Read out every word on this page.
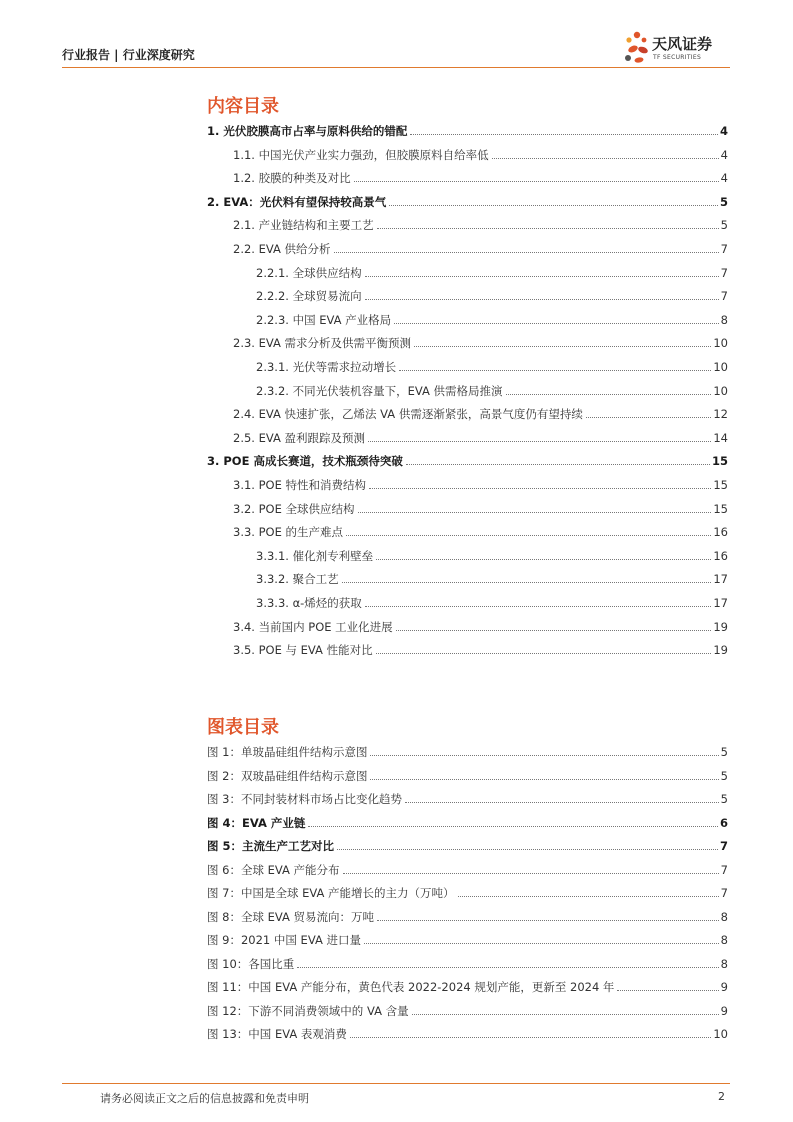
行业报告 | 行业深度研究
天风证券
TF SECURITIES
内容目录
1. 光伏胶膜高市占率与原料供给的错配	4
1.1. 中国光伏产业实力强劲，但胶膜原料自给率低	4
1.2. 胶膜的种类及对比	4
2. EVA：光伏料有望保持较高景气	5
2.1. 产业链结构和主要工艺	5
2.2. EVA 供给分析	7
2.2.1. 全球供应结构	7
2.2.2. 全球贸易流向	7
2.2.3. 中国 EVA 产业格局	8
2.3. EVA 需求分析及供需平衡预测	10
2.3.1. 光伏等需求拉动增长	10
2.3.2. 不同光伏装机容量下，EVA 供需格局推演	10
2.4. EVA 快速扩张，乙烯法 VA 供需逐渐紧张，高景气度仍有望持续	12
2.5. EVA 盈利跟踪及预测	14
3. POE 高成长赛道，技术瓶颈待突破	15
3.1. POE 特性和消费结构	15
3.2. POE 全球供应结构	15
3.3. POE 的生产难点	16
3.3.1. 催化剂专利壁垒	16
3.3.2. 聚合工艺	17
3.3.3. α-烯烃的获取	17
3.4. 当前国内 POE 工业化进展	19
3.5. POE 与 EVA 性能对比	19
图表目录
图 1：单玻晶硅组件结构示意图	5
图 2：双玻晶硅组件结构示意图	5
图 3：不同封装材料市场占比变化趋势	5
图 4：EVA 产业链	6
图 5：主流生产工艺对比	7
图 6：全球 EVA 产能分布	7
图 7：中国是全球 EVA 产能增长的主力（万吨）	7
图 8：全球 EVA 贸易流向：万吨	8
图 9：2021 中国 EVA 进口量	8
图 10：各国比重	8
图 11：中国 EVA 产能分布，黄色代表 2022-2024 规划产能，更新至 2024 年	9
图 12：下游不同消费领域中的 VA 含量	9
图 13：中国 EVA 表观消费	10
请务必阅读正文之后的信息披露和免责申明	2
